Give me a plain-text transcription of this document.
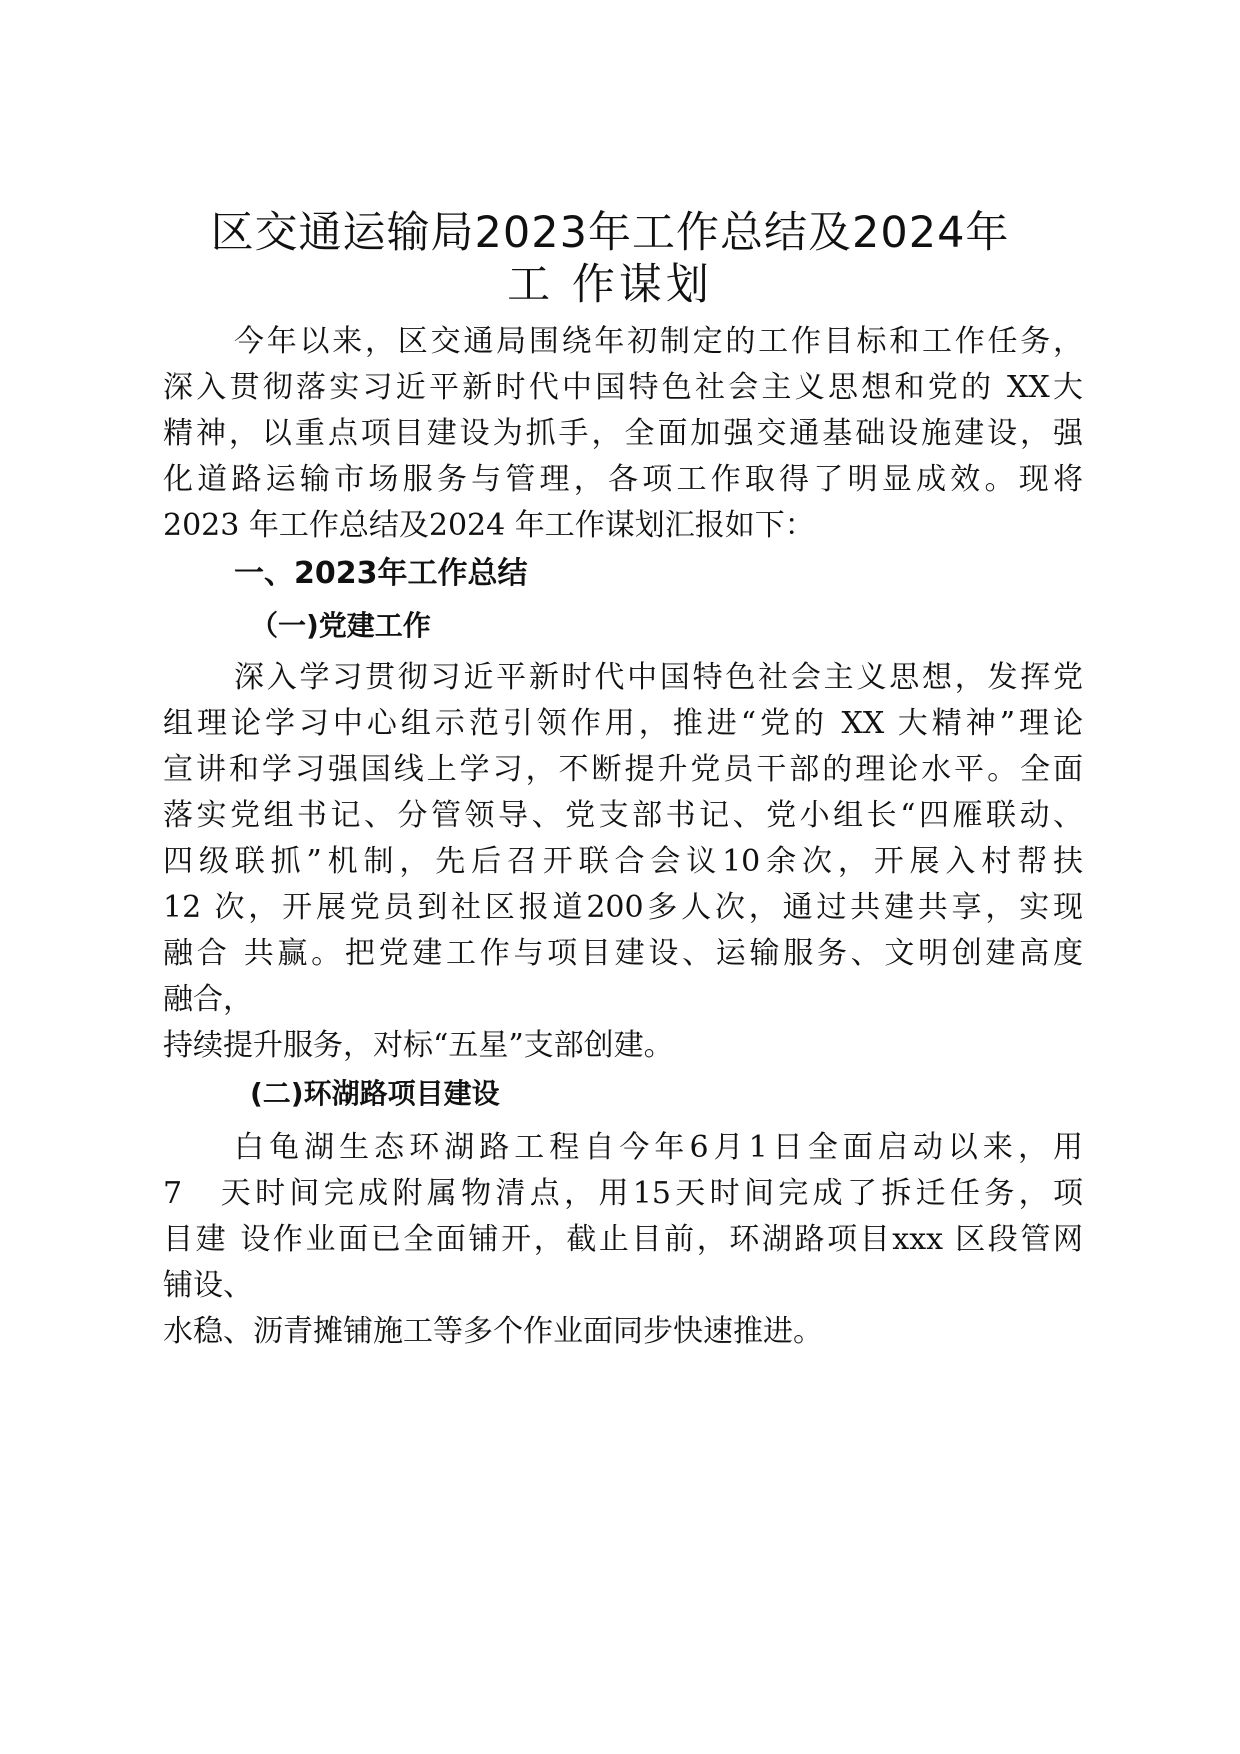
区交通运输局2023年工作总结及2024年
工 作谋划

今年以来，区交通局围绕年初制定的工作目标和工作任务，

深入贯彻落实习近平新时代中国特色社会主义思想和党的 XX大

精神，以重点项目建设为抓手，全面加强交通基础设施建设，强

化道路运输市场服务与管理，各项工作取得了明显成效。现将

2023 年工作总结及2024 年工作谋划汇报如下：

一、2023年工作总结
（一)党建工作

深入学习贯彻习近平新时代中国特色社会主义思想，发挥党

组理论学习中心组示范引领作用，推进“党的 XX 大精神”理论

宣讲和学习强国线上学习，不断提升党员干部的理论水平。全面

落实党组书记、分管领导、党支部书记、党小组长“四雁联动、

四级联抓”机制，先后召开联合会议10余次，开展入村帮扶

12 次，开展党员到社区报道200多人次，通过共建共享，实现

融合 共赢。把党建工作与项目建设、运输服务、文明创建高度

融合，

持续提升服务，对标“五星”支部创建。

(二)环湖路项目建设

白龟湖生态环湖路工程自今年6月1日全面启动以来，用

7　天时间完成附属物清点，用15天时间完成了拆迁任务，项

目建 设作业面已全面铺开，截止目前，环湖路项目xxx 区段管网

铺设、

水稳、沥青摊铺施工等多个作业面同步快速推进。
